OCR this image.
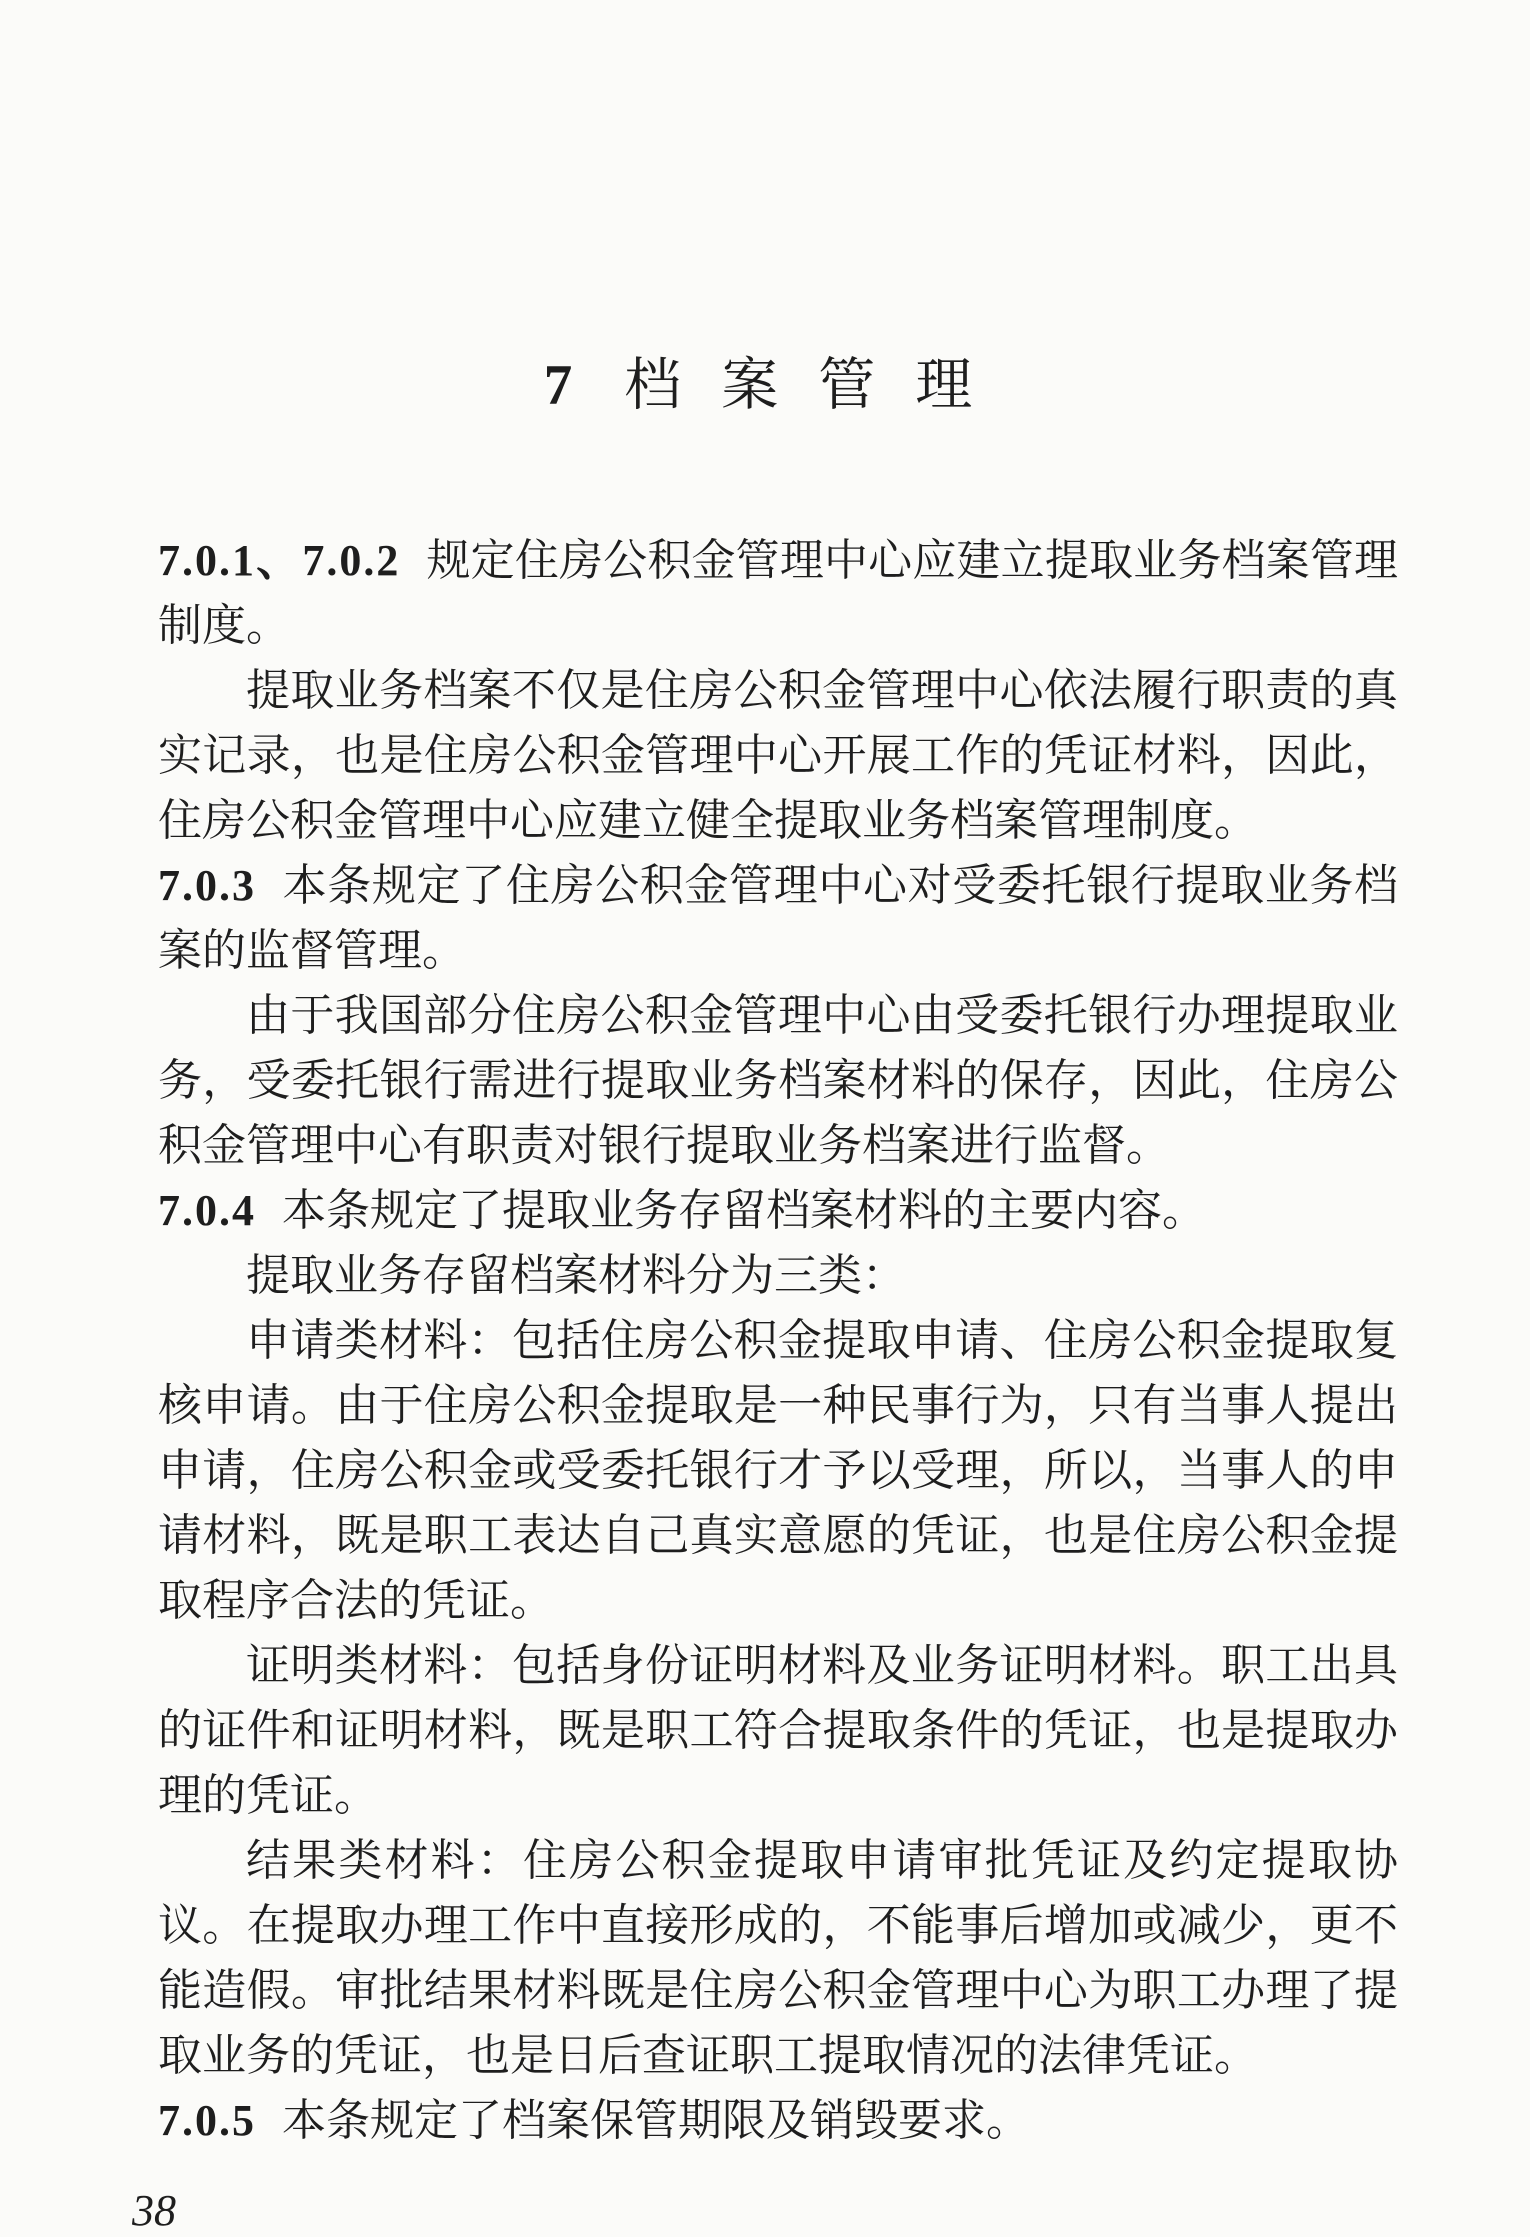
7 档案管理

7.0.1、7.0.2 规定住房公积金管理中心应建立提取业务档案管理制度。

提取业务档案不仅是住房公积金管理中心依法履行职责的真实记录，也是住房公积金管理中心开展工作的凭证材料，因此，住房公积金管理中心应建立健全提取业务档案管理制度。

7.0.3 本条规定了住房公积金管理中心对受委托银行提取业务档案的监督管理。

由于我国部分住房公积金管理中心由受委托银行办理提取业务，受委托银行需进行提取业务档案材料的保存，因此，住房公积金管理中心有职责对银行提取业务档案进行监督。

7.0.4 本条规定了提取业务存留档案材料的主要内容。

提取业务存留档案材料分为三类：

申请类材料：包括住房公积金提取申请、住房公积金提取复核申请。由于住房公积金提取是一种民事行为，只有当事人提出申请，住房公积金或受委托银行才予以受理，所以，当事人的申请材料，既是职工表达自己真实意愿的凭证，也是住房公积金提取程序合法的凭证。

证明类材料：包括身份证明材料及业务证明材料。职工出具的证件和证明材料，既是职工符合提取条件的凭证，也是提取办理的凭证。

结果类材料：住房公积金提取申请审批凭证及约定提取协议。在提取办理工作中直接形成的，不能事后增加或减少，更不能造假。审批结果材料既是住房公积金管理中心为职工办理了提取业务的凭证，也是日后查证职工提取情况的法律凭证。

7.0.5 本条规定了档案保管期限及销毁要求。

38
